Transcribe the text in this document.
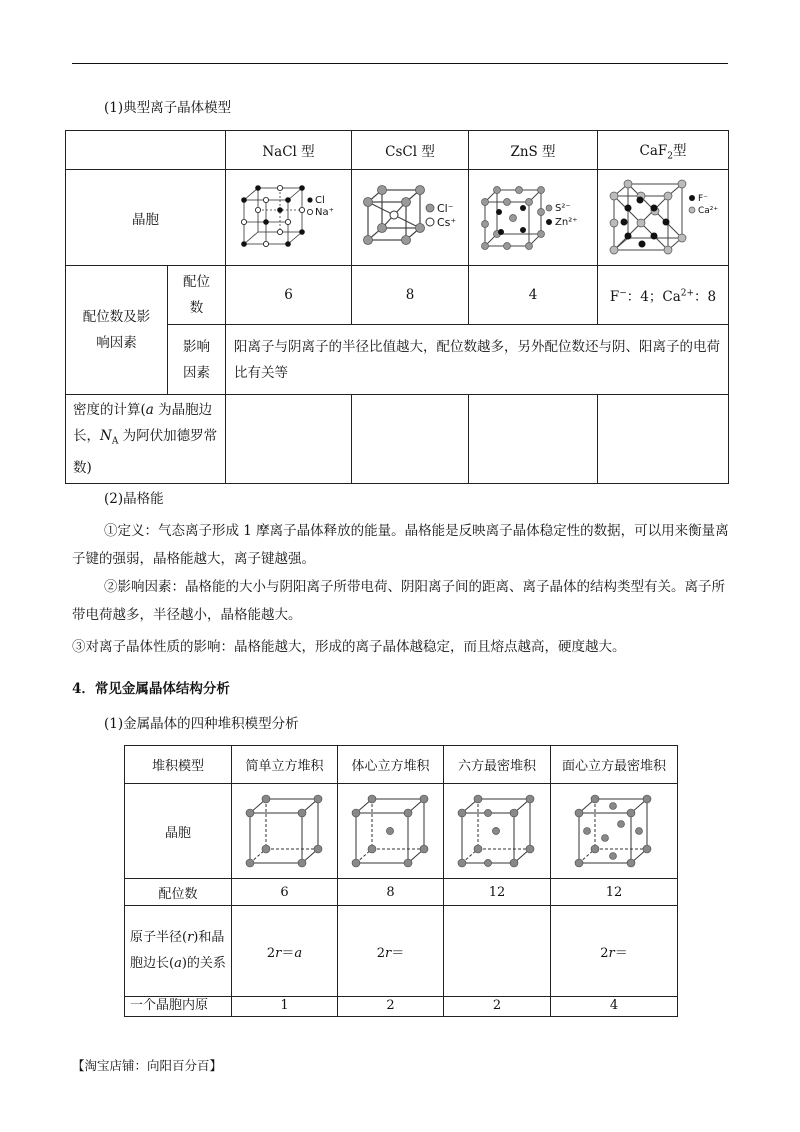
(1)典型离子晶体模型
		NaCl 型	CsCl 型	ZnS 型	CaF$_2$型
晶胞		Cl
Na⁺	Cl⁻
Cs⁺	S²⁻
Zn²⁺	F⁻
Ca²⁺

配位数及影响因素	配位数	6	8	4	F−：4；$Ca^{2+}$：8

	影响因素	阳离子与阴离子的半径比值越大，配位数越多，另外配位数还与阴、阳离子的电荷比有关等			
密度的计算(a 为晶胞边长，$N_A$ 为阿伏加德罗常数)					
(2)晶格能
①定义：气态离子形成 1 摩离子晶体释放的能量。晶格能是反映离子晶体稳定性的数据，可以用来衡量离子键的强弱，晶格能越大，离子键越强。
②影响因素：晶格能的大小与阴阳离子所带电荷、阴阳离子间的距离、离子晶体的结构类型有关。离子所带电荷越多，半径越小，晶格能越大。
③对离子晶体性质的影响：晶格能越大，形成的离子晶体越稳定，而且熔点越高，硬度越大。
4．常见金属晶体结构分析
(1)金属晶体的四种堆积模型分析
堆积模型	简单立方堆积	体心立方堆积	六方最密堆积	面心立方最密堆积
晶胞	

配位数	6	8	12	12
原子半径(r)和晶胞边长(a)的关系	2r＝a	2r＝		2r＝
一个晶胞内原	1	2	2	4
【淘宝店铺：向阳百分百】
